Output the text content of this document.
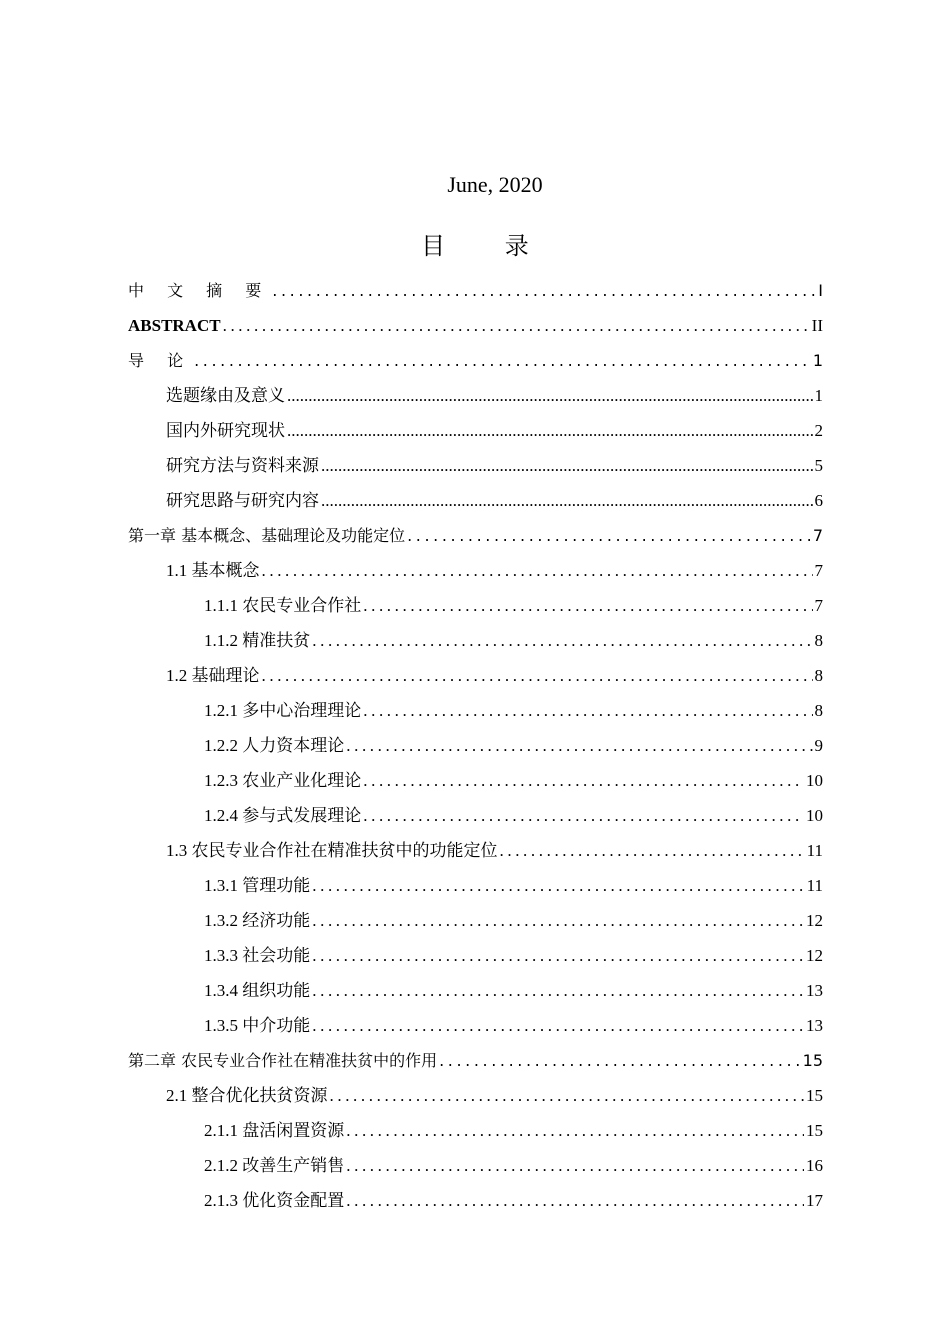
June, 2020
目 录
中 文 摘 要 .....	I
ABSTRACT .....	II
导 论 .....	1
选题缘由及意义 .....	1
国内外研究现状 .....	2
研究方法与资料来源 .....	5
研究思路与研究内容 .....	6
第一章 基本概念、基础理论及功能定位 .....	7
1.1 基本概念 .....	7
1.1.1 农民专业合作社 .....	7
1.1.2 精准扶贫 .....	8
1.2 基础理论 .....	8
1.2.1 多中心治理理论 .....	8
1.2.2 人力资本理论 .....	9
1.2.3 农业产业化理论 .....	10
1.2.4 参与式发展理论 .....	10
1.3 农民专业合作社在精准扶贫中的功能定位 .....	11
1.3.1 管理功能 .....	11
1.3.2 经济功能 .....	12
1.3.3 社会功能 .....	12
1.3.4 组织功能 .....	13
1.3.5 中介功能 .....	13
第二章 农民专业合作社在精准扶贫中的作用 .....	15
2.1 整合优化扶贫资源 .....	15
2.1.1 盘活闲置资源 .....	15
2.1.2 改善生产销售 .....	16
2.1.3 优化资金配置 .....	17
